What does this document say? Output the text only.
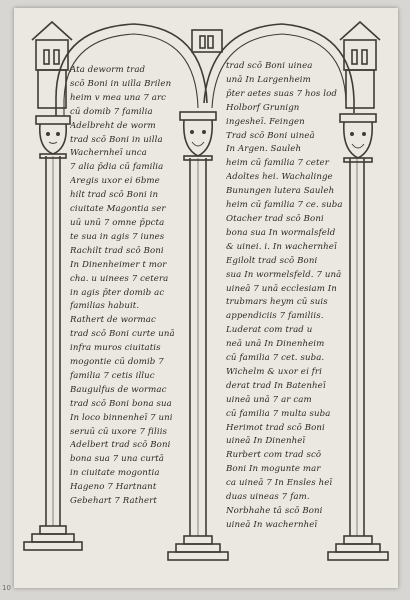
Ata deworm trad
scō Boni in uilla Brilen
heim v mea una 7 arc
cū domib 7 familia
Adelbreht de worm
trad scō Boni in uilla
Wachernheī unca
7 alia p̄dia cū familia
Aregis uxor ei̇ 6bme
hilt trad scō Boni in
ciuitate Magontia ser
uū unū 7 omne p̄pcta
te sua in agis 7 iunes
Rachilt trad scō Boni
In Dinenheimer t mor
cha. u uinees 7 cetera
in agis p̄ter domib ac
familias habuit.
Rathert de wormac
trad scō Boni curte unā
infra muros ciuitatis
mogontie cū domib 7
familia 7 cetis illuc
Baugulfus de wormac
trad scō Boni bona sua
In loco binnenheī 7 uni
seruū cū uxore 7 filiis
Adelbert trad scō Boni
bona sua 7 una curtā
in ciuitate mogontia
Hageno 7 Hartnant
Gebehart 7 Rathert
trad scō Boni uinea
unā In Largenheim
p̄ter aetes suas 7 hos lod
Holborf Grunign
ingesheī. Feingen
Trad scō Boni uineā
In Argen. Sauleh
heim cū familia 7 ceter
Adoltes hei. Wachalinge
Bunungen lutera Sauleh
heim cū familia 7 ce. suba
Otacher trad scō Boni
bona sua In wormalsfeld
& uinei. i. In wachernheī
Egilolt trad scō Boni
sua In wormelsfeld. 7 unā
uineā 7 unā ecclesiam In
trubmars heym cū suis
appendiciis 7 familiis.
Luderat com trad u
neā unā In Dinenheim
cū familia 7 cet. suba.
Wichelm & uxor ei̇ fri
derat trad In Batenheī
uineā unā 7 ar cam
cū familia 7 multa suba
Herimot trad scō Boni
uineā In Dinenheī
Rurbert com trad scō
Boni In mogunte mar
ca uineā 7 In Ensles heī
duas uineas 7 fam.
Norbhahe tā scō Boni
uineā In wachernheī
10
